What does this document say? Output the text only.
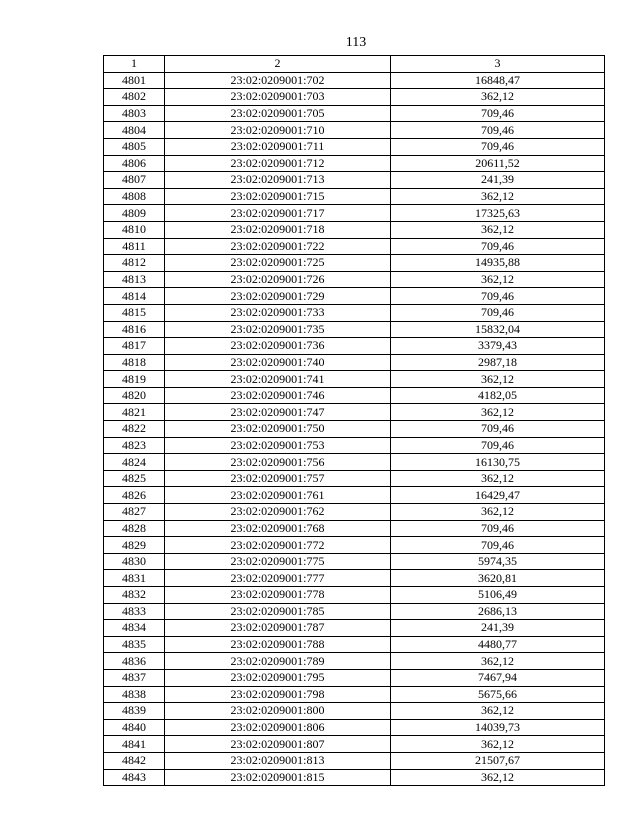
113
1	2	3
4801	23:02:0209001:702	16848,47
4802	23:02:0209001:703	362,12
4803	23:02:0209001:705	709,46
4804	23:02:0209001:710	709,46
4805	23:02:0209001:711	709,46
4806	23:02:0209001:712	20611,52
4807	23:02:0209001:713	241,39
4808	23:02:0209001:715	362,12
4809	23:02:0209001:717	17325,63
4810	23:02:0209001:718	362,12
4811	23:02:0209001:722	709,46
4812	23:02:0209001:725	14935,88
4813	23:02:0209001:726	362,12
4814	23:02:0209001:729	709,46
4815	23:02:0209001:733	709,46
4816	23:02:0209001:735	15832,04
4817	23:02:0209001:736	3379,43
4818	23:02:0209001:740	2987,18
4819	23:02:0209001:741	362,12
4820	23:02:0209001:746	4182,05
4821	23:02:0209001:747	362,12
4822	23:02:0209001:750	709,46
4823	23:02:0209001:753	709,46
4824	23:02:0209001:756	16130,75
4825	23:02:0209001:757	362,12
4826	23:02:0209001:761	16429,47
4827	23:02:0209001:762	362,12
4828	23:02:0209001:768	709,46
4829	23:02:0209001:772	709,46
4830	23:02:0209001:775	5974,35
4831	23:02:0209001:777	3620,81
4832	23:02:0209001:778	5106,49
4833	23:02:0209001:785	2686,13
4834	23:02:0209001:787	241,39
4835	23:02:0209001:788	4480,77
4836	23:02:0209001:789	362,12
4837	23:02:0209001:795	7467,94
4838	23:02:0209001:798	5675,66
4839	23:02:0209001:800	362,12
4840	23:02:0209001:806	14039,73
4841	23:02:0209001:807	362,12
4842	23:02:0209001:813	21507,67
4843	23:02:0209001:815	362,12
